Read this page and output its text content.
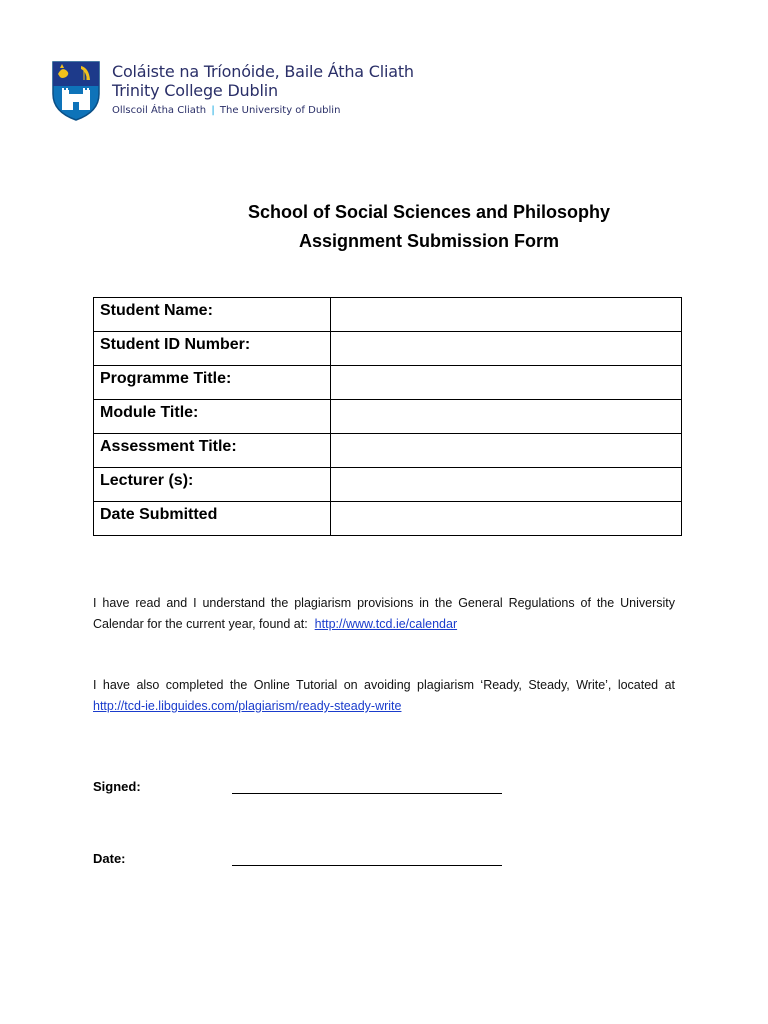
Coláiste na Tríonóide, Baile Átha Cliath
Trinity College Dublin
Ollscoil Átha Cliath | The University of Dublin
School of Social Sciences and Philosophy
Assignment Submission Form
Student Name:	
Student ID Number:	
Programme Title:	
Module Title:	
Assessment Title:	
Lecturer (s):	
Date Submitted	
I have read and I understand the plagiarism provisions in the General Regulations of the University Calendar for the current year, found at: http://www.tcd.ie/calendar
I have also completed the Online Tutorial on avoiding plagiarism ‘Ready, Steady, Write’, located at http://tcd-ie.libguides.com/plagiarism/ready-steady-write
Signed:
Date:
